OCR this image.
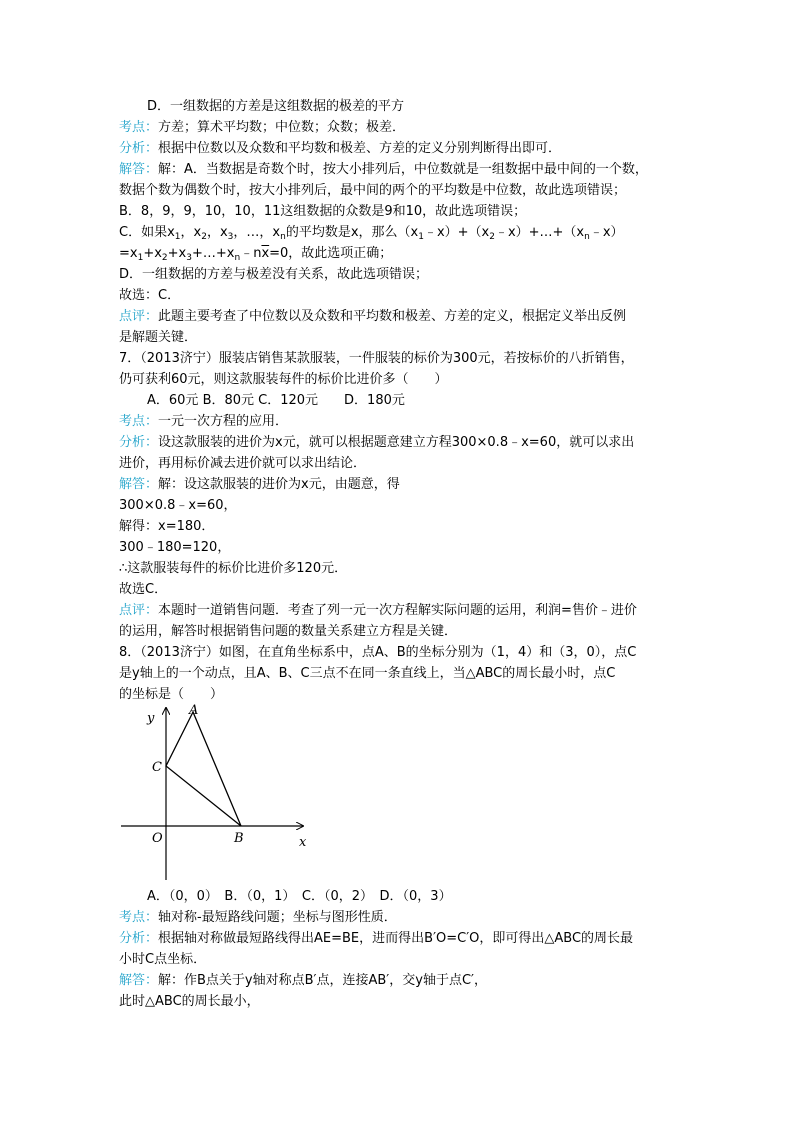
D．一组数据的方差是这组数据的极差的平方
考点：方差；算术平均数；中位数；众数；极差．
分析：根据中位数以及众数和平均数和极差、方差的定义分别判断得出即可．
解答：解：A．当数据是奇数个时，按大小排列后，中位数就是一组数据中最中间的一个数，
数据个数为偶数个时，按大小排列后，最中间的两个的平均数是中位数，故此选项错误；
B．8，9，9，10，10，11这组数据的众数是9和10，故此选项错误；
C．如果$x_1$，$x_2$，$x_3$，…，$x_n$的平均数是x，那么$(x_1﹣x)+(x_2﹣x)+\dots+(x_n﹣x)$
$=x_1+x_2+x_3+\dots+x_n﹣n\overline{x}=0$，故此选项正确；
D．一组数据的方差与极差没有关系，故此选项错误；
故选：C．
点评：此题主要考查了中位数以及众数和平均数和极差、方差的定义，根据定义举出反例
是解题关键．
7．（2013济宁）服装店销售某款服装，一件服装的标价为300元，若按标价的八折销售，
仍可获利60元，则这款服装每件的标价比进价多（　　）
A．60元 B．80元 C．120元　　D．180元
考点：一元一次方程的应用．
分析：设这款服装的进价为x元，就可以根据题意建立方程300×0.8﹣x=60，就可以求出
进价，再用标价减去进价就可以求出结论．
解答：解：设这款服装的进价为x元，由题意，得
300×0.8﹣x=60，
解得：x=180．
300﹣180=120，
∴这款服装每件的标价比进价多120元．
故选C．
点评：本题时一道销售问题．考查了列一元一次方程解实际问题的运用，利润=售价﹣进价
的运用，解答时根据销售问题的数量关系建立方程是关键．
8．（2013济宁）如图，在直角坐标系中，点A、B的坐标分别为（1，4）和（3，0），点C
是y轴上的一个动点，且A、B、C三点不在同一条直线上，当△ABC的周长最小时，点C
的坐标是（　　）
y
x
A
B
C
O
A．（0，0）　B．（0，1）　C．（0，2）　D．（0，3）
考点：轴对称-最短路线问题；坐标与图形性质．
分析：根据轴对称做最短路线得出AE=BE，进而得出B′O=C′O，即可得出△ABC的周长最
小时C点坐标．
解答：解：作B点关于y轴对称点B′点，连接AB′，交y轴于点C′，
此时△ABC的周长最小，
